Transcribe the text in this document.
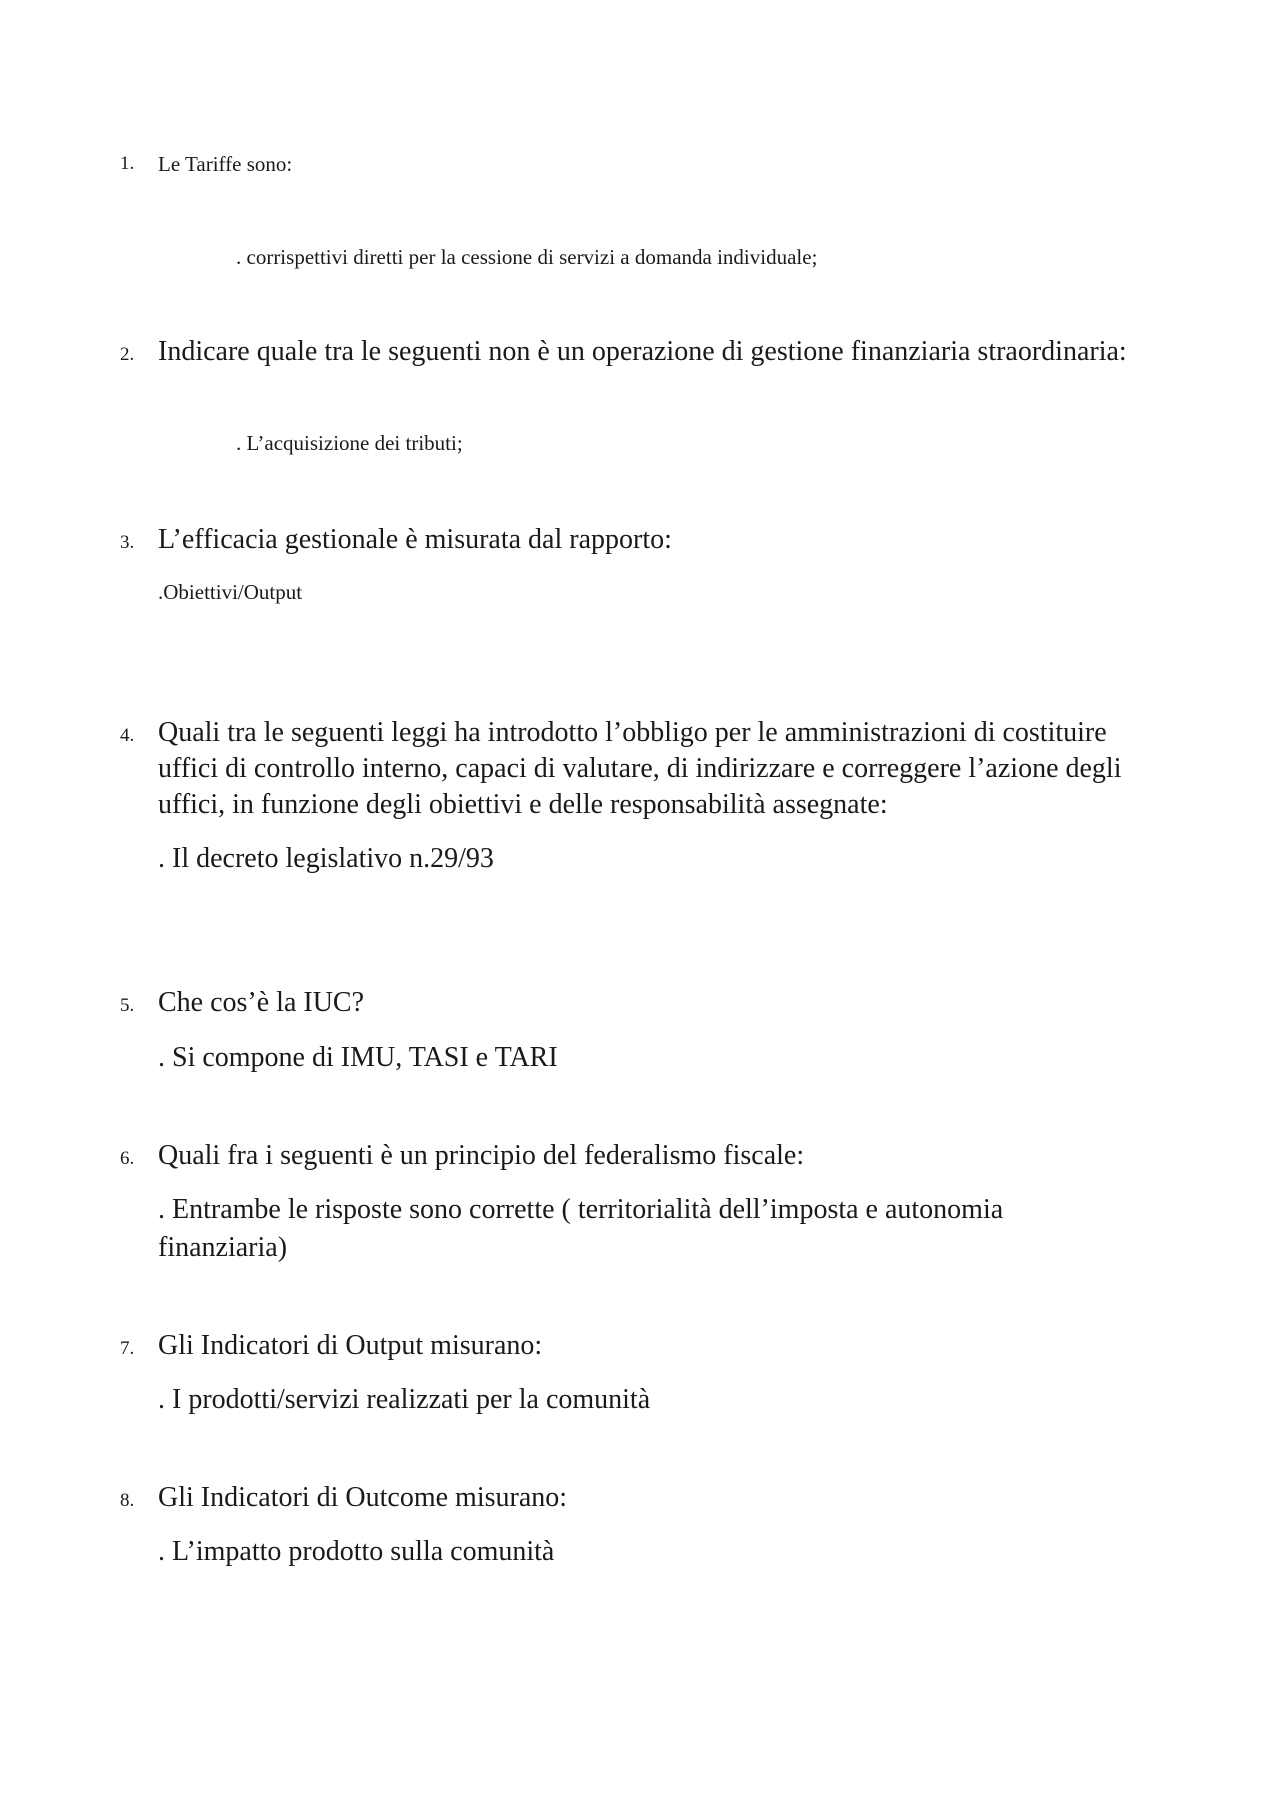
1.	Le Tariffe sono:
. corrispettivi diretti per la cessione di servizi a domanda individuale;
2. Indicare quale tra le seguenti non è un operazione di gestione finanziaria straordinaria:
. L’acquisizione dei tributi;
3. L’efficacia gestionale è misurata dal rapporto:
.Obiettivi/Output
4. Quali tra le seguenti leggi ha introdotto l’obbligo per le amministrazioni di costituire uffici di controllo interno, capaci di valutare, di indirizzare e correggere l’azione degli uffici, in funzione degli obiettivi e delle responsabilità assegnate:
. Il decreto legislativo n.29/93
5. Che cos’è la IUC?
. Si compone di IMU, TASI e TARI
6. Quali fra i seguenti è un principio del federalismo fiscale:
. Entrambe le risposte sono corrette ( territorialità dell’imposta e autonomia finanziaria)
7. Gli Indicatori di Output misurano:
. I prodotti/servizi realizzati per la comunità
8. Gli Indicatori di Outcome misurano:
. L’impatto prodotto sulla comunità
